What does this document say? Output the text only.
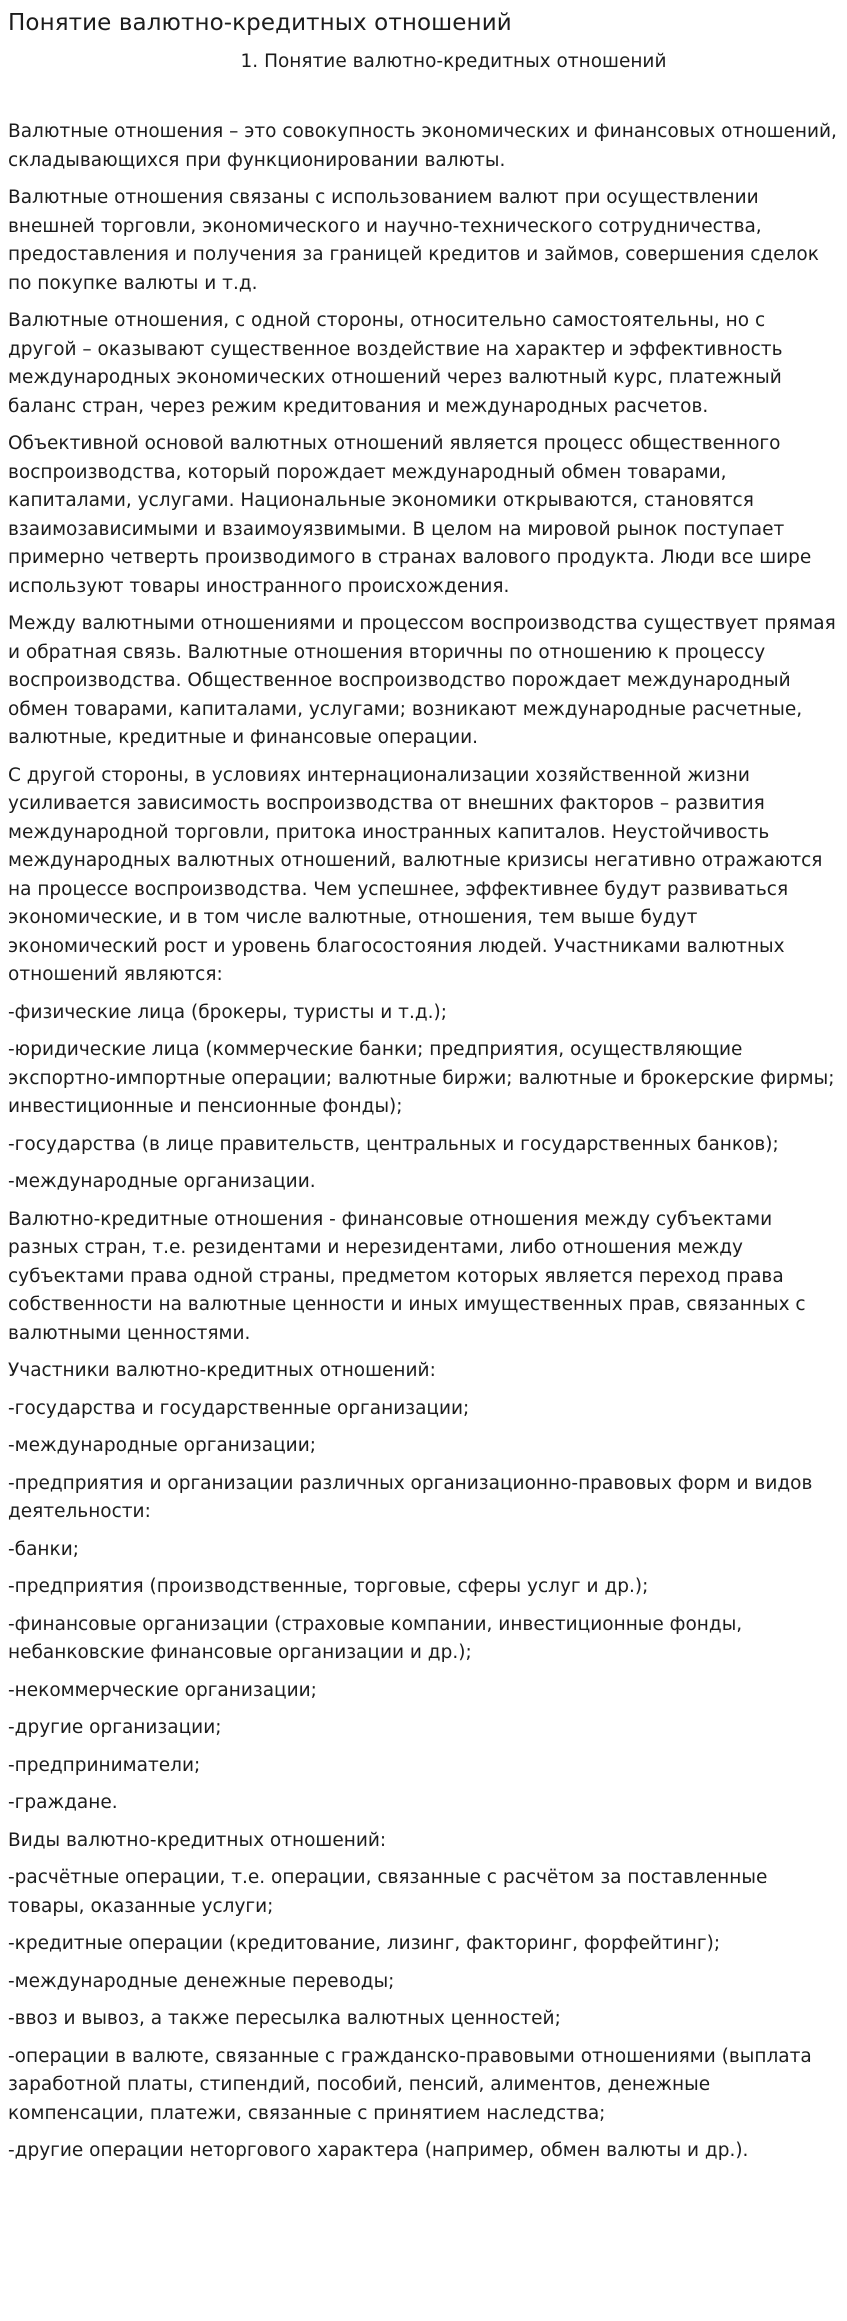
Понятие валютно-кредитных отношений
1. Понятие валютно-кредитных отношений

Валютные отношения – это совокупность экономических и финансовых отношений, складывающихся при функционировании валюты.

Валютные отношения связаны с использованием валют при осуществлении внешней торговли, экономического и научно-технического сотрудничества, предоставления и получения за границей кредитов и займов, совершения сделок по покупке валюты и т.д.

Валютные отношения, с одной стороны, относительно самостоятельны, но с другой – оказывают существенное воздействие на характер и эффективность международных экономических отношений через валютный курс, платежный баланс стран, через режим кредитования и международных расчетов.

Объективной основой валютных отношений является процесс общественного воспроизводства, который порождает международный обмен товарами, капиталами, услугами. Национальные экономики открываются, становятся взаимозависимыми и взаимоуязвимыми. В целом на мировой рынок поступает примерно четверть производимого в странах валового продукта. Люди все шире используют товары иностранного происхождения.

Между валютными отношениями и процессом воспроизводства существует прямая и обратная связь. Валютные отношения вторичны по отношению к процессу воспроизводства. Общественное воспроизводство порождает международный обмен товарами, капиталами, услугами; возникают международные расчетные, валютные, кредитные и финансовые операции.

С другой стороны, в условиях интернационализации хозяйственной жизни усиливается зависимость воспроизводства от внешних факторов – развития международной торговли, притока иностранных капиталов. Неустойчивость международных валютных отношений, валютные кризисы негативно отражаются на процессе воспроизводства. Чем успешнее, эффективнее будут развиваться экономические, и в том числе валютные, отношения, тем выше будут экономический рост и уровень благосостояния людей. Участниками валютных отношений являются:

-физические лица (брокеры, туристы и т.д.);

-юридические лица (коммерческие банки; предприятия, осуществляющие экспортно-импортные операции; валютные биржи; валютные и брокерские фирмы; инвестиционные и пенсионные фонды);

-государства (в лице правительств, центральных и государственных банков);

-международные организации.

Валютно-кредитные отношения - финансовые отношения между субъектами разных стран, т.е. резидентами и нерезидентами, либо отношения между субъектами права одной страны, предметом которых является переход права собственности на валютные ценности и иных имущественных прав, связанных с валютными ценностями.

Участники валютно-кредитных отношений:

-государства и государственные организации;

-международные организации;

-предприятия и организации различных организационно-правовых форм и видов деятельности:

-банки;

-предприятия (производственные, торговые, сферы услуг и др.);

-финансовые организации (страховые компании, инвестиционные фонды, небанковские финансовые организации и др.);

-некоммерческие организации;

-другие организации;

-предприниматели;

-граждане.

Виды валютно-кредитных отношений:

-расчётные операции, т.е. операции, связанные с расчётом за поставленные товары, оказанные услуги;

-кредитные операции (кредитование, лизинг, факторинг, форфейтинг);

-международные денежные переводы;

-ввоз и вывоз, а также пересылка валютных ценностей;

-операции в валюте, связанные с гражданско-правовыми отношениями (выплата заработной платы, стипендий, пособий, пенсий, алиментов, денежные компенсации, платежи, связанные с принятием наследства;

-другие операции неторгового характера (например, обмен валюты и др.).
